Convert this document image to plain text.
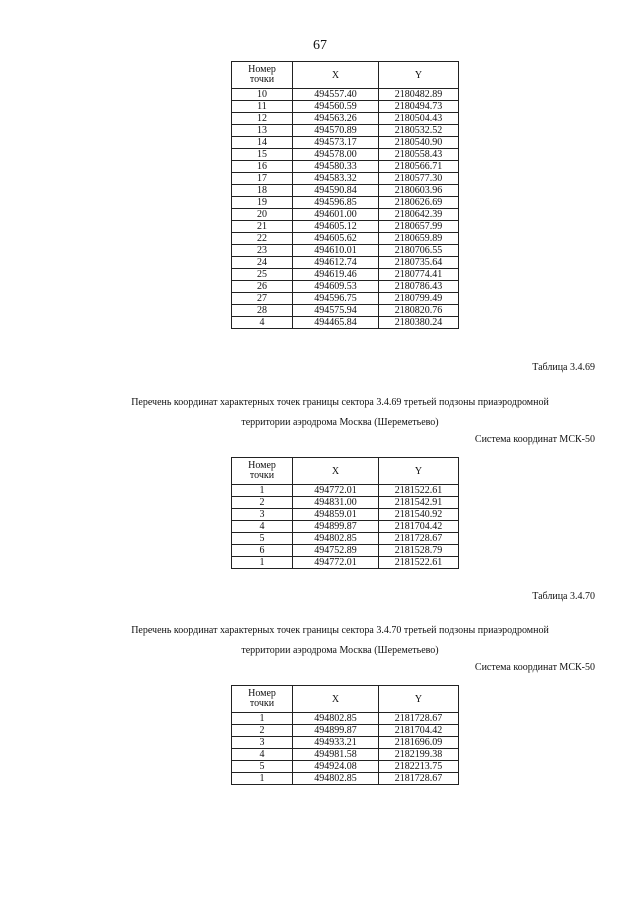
67
Номер
точки	X	Y
10	494557.40	2180482.89
11	494560.59	2180494.73
12	494563.26	2180504.43
13	494570.89	2180532.52
14	494573.17	2180540.90
15	494578.00	2180558.43
16	494580.33	2180566.71
17	494583.32	2180577.30
18	494590.84	2180603.96
19	494596.85	2180626.69
20	494601.00	2180642.39
21	494605.12	2180657.99
22	494605.62	2180659.89
23	494610.01	2180706.55
24	494612.74	2180735.64
25	494619.46	2180774.41
26	494609.53	2180786.43
27	494596.75	2180799.49
28	494575.94	2180820.76
4	494465.84	2180380.24
Таблица 3.4.69
Перечень координат характерных точек границы сектора 3.4.69 третьей подзоны приаэродромной
территории аэродрома Москва (Шереметьево)
Система координат МСК-50
Номер
точки	X	Y
1	494772.01	2181522.61
2	494831.00	2181542.91
3	494859.01	2181540.92
4	494899.87	2181704.42
5	494802.85	2181728.67
6	494752.89	2181528.79
1	494772.01	2181522.61
Таблица 3.4.70
Перечень координат характерных точек границы сектора 3.4.70 третьей подзоны приаэродромной
территории аэродрома Москва (Шереметьево)
Система координат МСК-50
Номер
точки	X	Y
1	494802.85	2181728.67
2	494899.87	2181704.42
3	494933.21	2181696.09
4	494981.58	2182199.38
5	494924.08	2182213.75
1	494802.85	2181728.67
